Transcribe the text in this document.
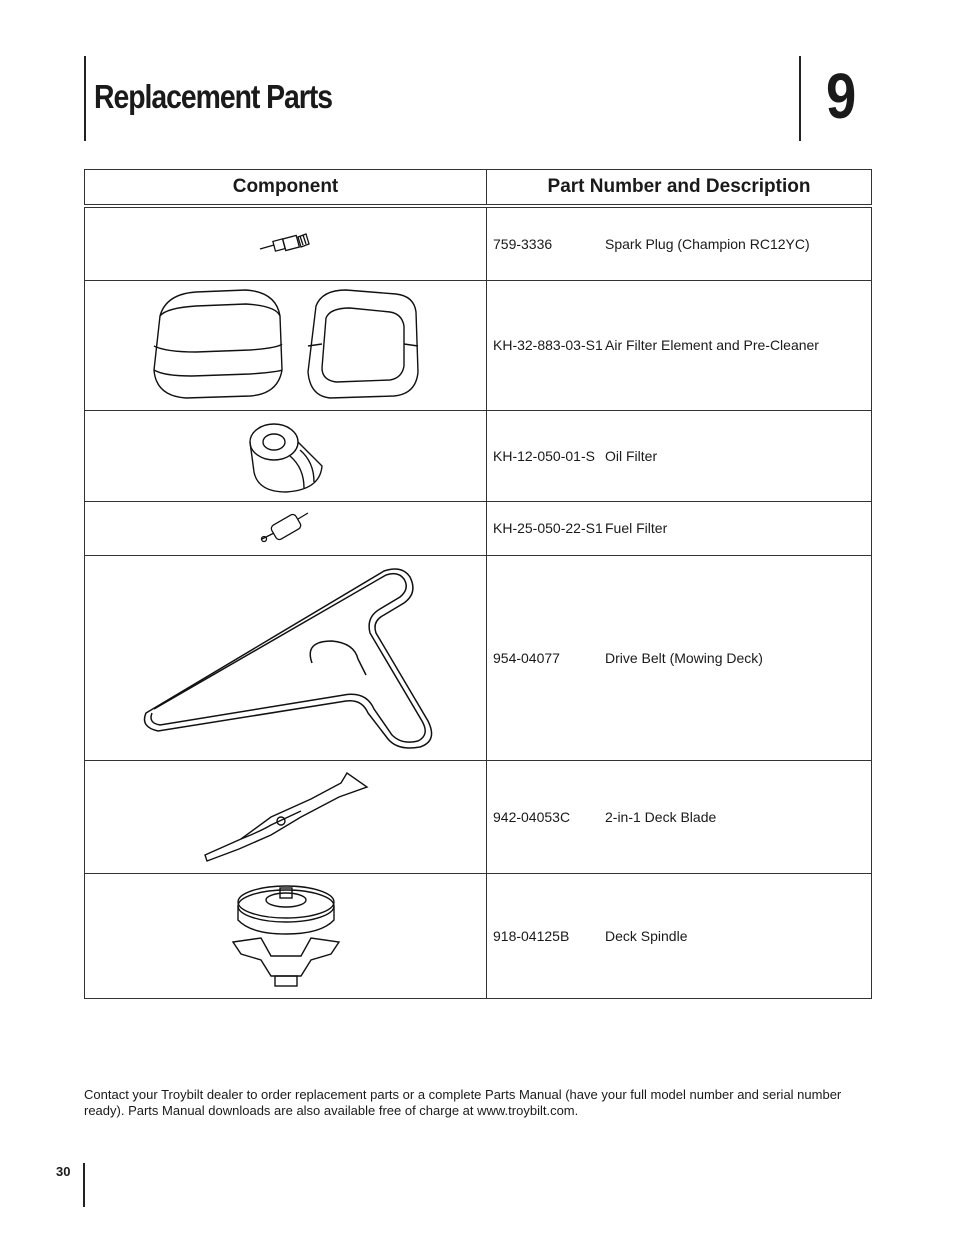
Replacement Parts	9
Component	Part Number and Description

	759-3336 Spark Plug (Champion RC12YC)

	KH-32-883-03-S1 Air Filter Element and Pre-Cleaner

	KH-12-050-01-S Oil Filter

	KH-25-050-22-S1 Fuel Filter

	954-04077 Drive Belt (Mowing Deck)

	942-04053C 2-in-1 Deck Blade

	918-04125B Deck Spindle
Contact your Troybilt dealer to order replacement parts or a complete Parts Manual (have your full model number and serial number ready). Parts Manual downloads are also available free of charge at www.troybilt.com.
30
